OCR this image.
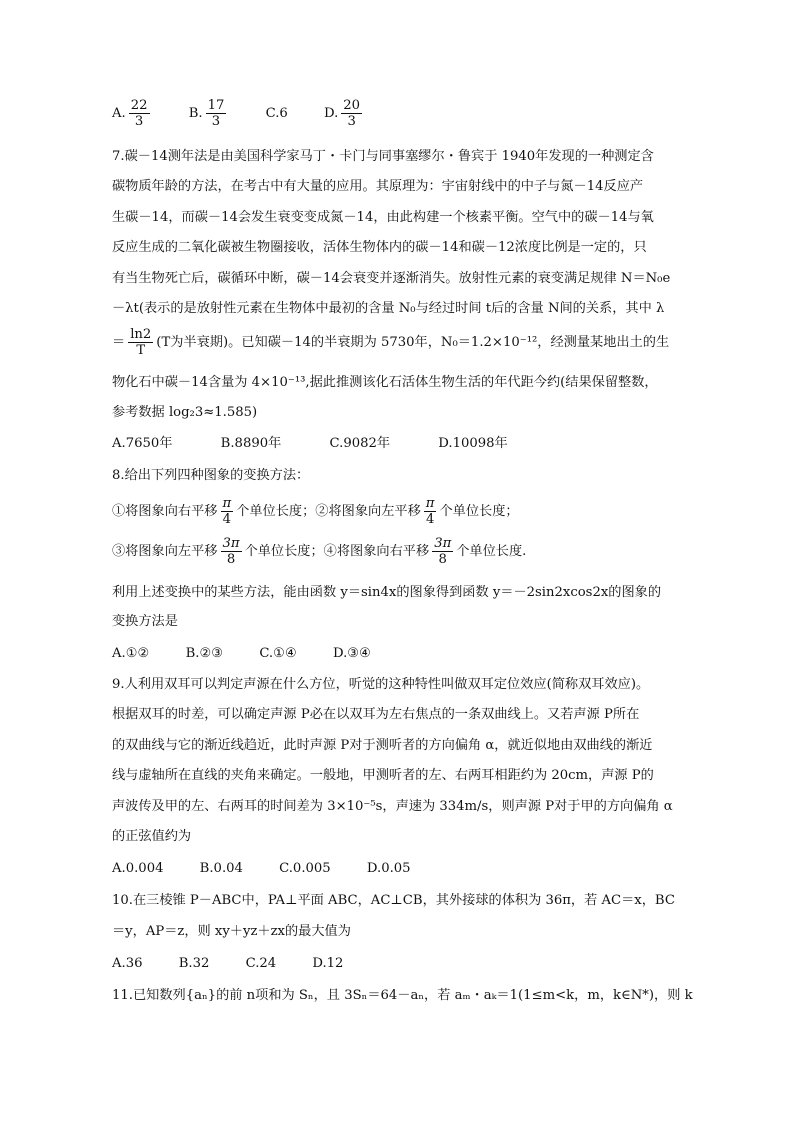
A. $\frac{22}{3}$	B. $\frac{17}{3}$	C.6	D. $\frac{20}{3}$
7.碳－14测年法是由美国科学家马丁・卡门与同事塞缪尔・鲁宾于 1940年发现的一种测定含
碳物质年龄的方法，在考古中有大量的应用。其原理为：宇宙射线中的中子与氮－14反应产
生碳－14，而碳－14会发生衰变变成氮－14，由此构建一个核素平衡。空气中的碳－14与氧
反应生成的二氧化碳被生物圈接收，活体生物体内的碳－14和碳－12浓度比例是一定的，只
有当生物死亡后，碳循环中断，碳－14会衰变并逐渐消失。放射性元素的衰变满足规律 N＝N₀e
－λt(表示的是放射性元素在生物体中最初的含量 N₀与经过时间 t后的含量 N间的关系，其中 λ
＝ $\frac{\ln 2}{T} (T$为半衰期)。已知碳－14的半衰期为 5730年，N₀＝1.2×10⁻¹²，经测量某地出土的生
物化石中碳－14含量为 4×10⁻¹³,据此推测该化石活体生物生活的年代距今约(结果保留整数，
参考数据 log₂3≈1.585)
A.7650年	B.8890年	C.9082年	D.10098年
8.给出下列四种图象的变换方法：
①将图象向右平移 $\frac{\pi}{4}$ 个单位长度；②将图象向左平移 $\frac{\pi}{4}$ 个单位长度；
③将图象向左平移 $\frac{3\pi}{8}$ 个单位长度；④将图象向右平移 $\frac{3\pi}{8}$ 个单位长度.
利用上述变换中的某些方法，能由函数 y＝sin4x的图象得到函数 y＝－2sin2xcos2x的图象的
变换方法是
A.①②	B.②③	C.①④	D.③④
9.人利用双耳可以判定声源在什么方位，听觉的这种特性叫做双耳定位效应(简称双耳效应)。
根据双耳的时差，可以确定声源 P必在以双耳为左右焦点的一条双曲线上。又若声源 P所在
的双曲线与它的渐近线趋近，此时声源 P对于测听者的方向偏角 α，就近似地由双曲线的渐近
线与虚轴所在直线的夹角来确定。一般地，甲测听者的左、右两耳相距约为 20cm，声源 P的
声波传及甲的左、右两耳的时间差为 3×10⁻⁵s，声速为 334m/s，则声源 P对于甲的方向偏角 α
的正弦值约为
A.0.004	B.0.04	C.0.005	D.0.05
10.在三棱锥 P－ABC中，PA⊥平面 ABC，AC⊥CB，其外接球的体积为 36π，若 AC＝x，BC
＝y，AP＝z，则 xy＋yz＋zx的最大值为
A.36	B.32	C.24	D.12
11.已知数列{aₙ}的前 n项和为 Sₙ，且 3Sₙ＝64－aₙ，若 aₘ・aₖ＝1(1≤m<k，m，k∈N*)，则 k
